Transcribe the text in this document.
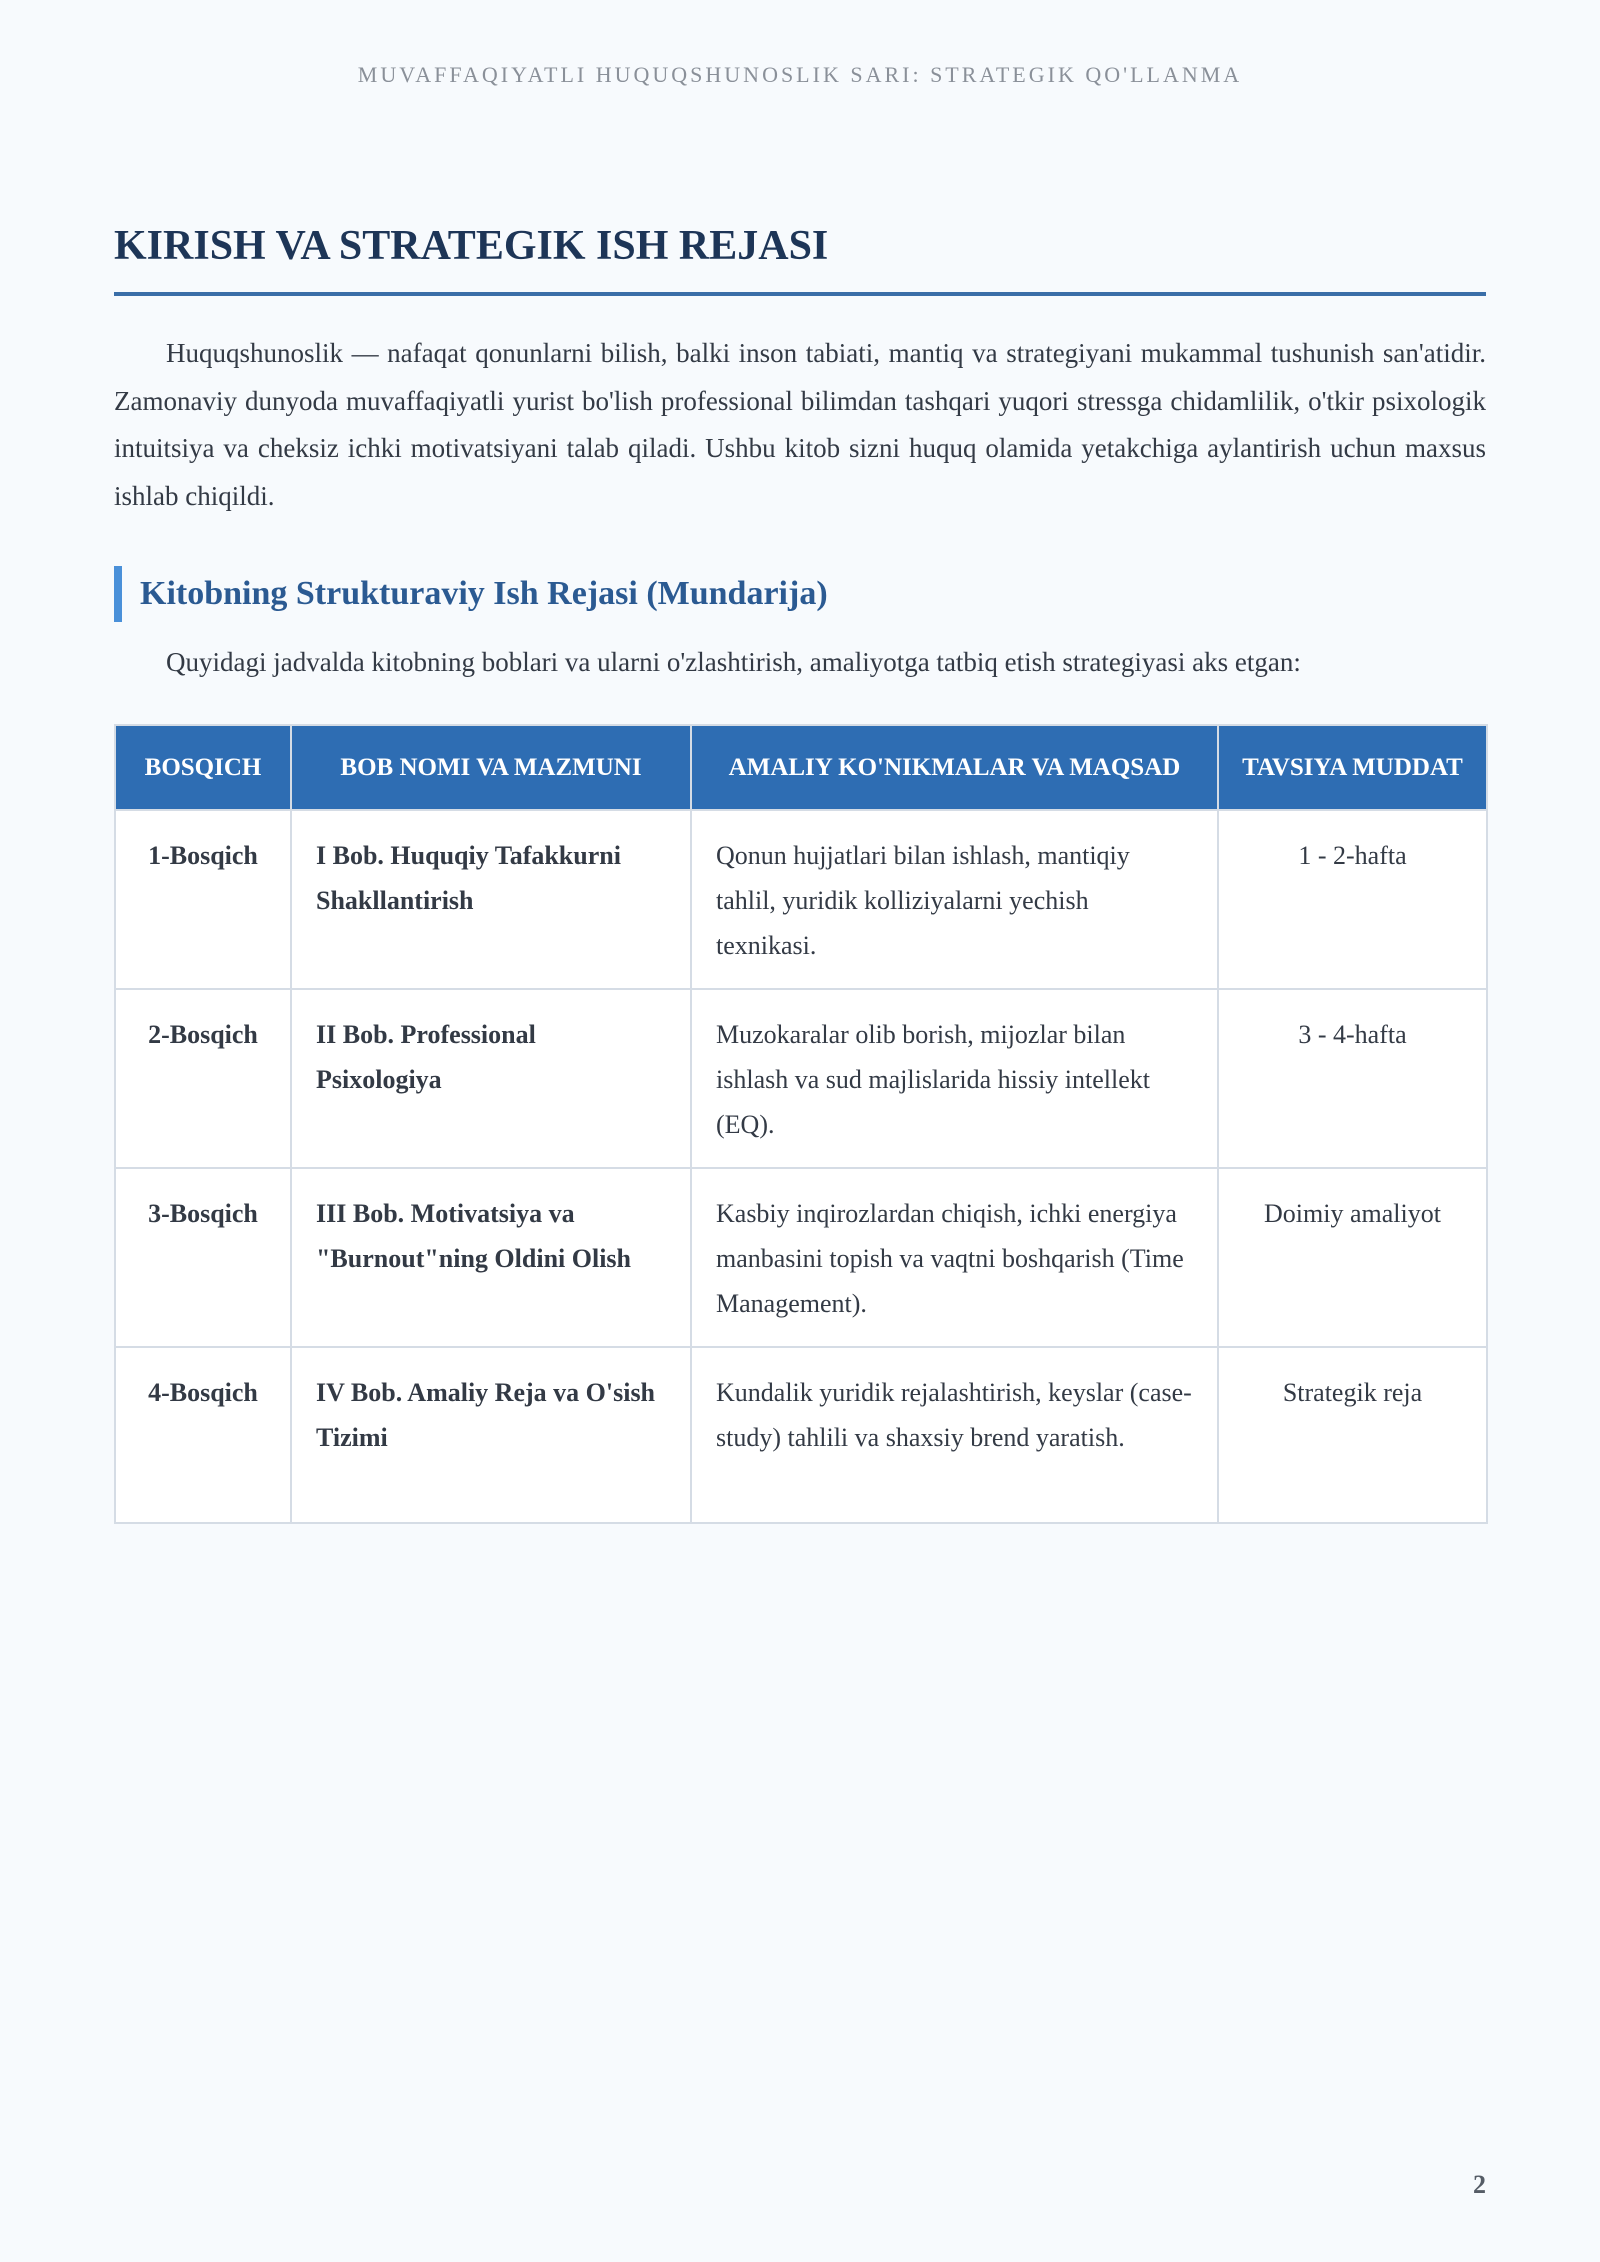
MUVAFFAQIYATLI HUQUQSHUNOSLIK SARI: STRATEGIK QO'LLANMA
KIRISH VA STRATEGIK ISH REJASI

Huquqshunoslik — nafaqat qonunlarni bilish, balki inson tabiati, mantiq va strategiyani mukammal tushunish san'atidir. Zamonaviy dunyoda muvaffaqiyatli yurist bo'lish professional bilimdan tashqari yuqori stressga chidamlilik, o'tkir psixologik intuitsiya va cheksiz ichki motivatsiyani talab qiladi. Ushbu kitob sizni huquq olamida yetakchiga aylantirish uchun maxsus ishlab chiqildi.

Kitobning Strukturaviy Ish Rejasi (Mundarija)

Quyidagi jadvalda kitobning boblari va ularni o'zlashtirish, amaliyotga tatbiq etish strategiyasi aks etgan:

BOSQICH	BOB NOMI VA MAZMUNI	AMALIY KO'NIKMALAR VA MAQSAD	TAVSIYA MUDDAT
1-Bosqich	I Bob. Huquqiy Tafakkurni Shakllantirish	Qonun hujjatlari bilan ishlash, mantiqiy tahlil, yuridik kolliziyalarni yechish texnikasi.	1 - 2-hafta
2-Bosqich	II Bob. Professional Psixologiya	Muzokaralar olib borish, mijozlar bilan ishlash va sud majlislarida hissiy intellekt (EQ).	3 - 4-hafta
3-Bosqich	III Bob. Motivatsiya va "Burnout"ning Oldini Olish	Kasbiy inqirozlardan chiqish, ichki energiya manbasini topish va vaqtni boshqarish (Time Management).	Doimiy amaliyot
4-Bosqich	IV Bob. Amaliy Reja va O'sish Tizimi	Kundalik yuridik rejalashtirish, keyslar (case-study) tahlili va shaxsiy brend yaratish.	Strategik reja
2
